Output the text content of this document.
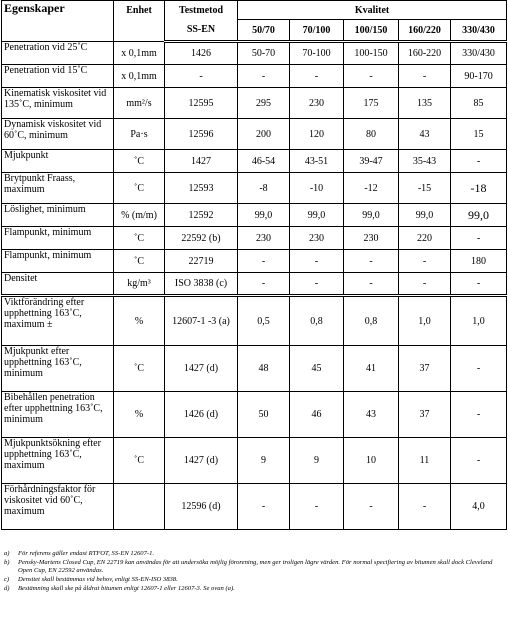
Egenskaper	Enhet	Testmetod	Kvalitet				
		SS-EN	50/70	70/100	100/150	160/220	330/430
Penetration vid 25˚C	x 0,1mm	1426	50-70	70-100	100-150	160-220	330/430
Penetration vid 15˚C	x 0,1mm	-	-	-	-	-	90-170
Kinematisk viskositet vid 135˚C, minimum	mm²/s	12595	295	230	175	135	85
Dynamisk viskositet vid 60˚C, minimum	Pa·s	12596	200	120	80	43	15
Mjukpunkt	˚C	1427	46-54	43-51	39-47	35-43	-
Brytpunkt Fraass, maximum	˚C	12593	-8	-10	-12	-15	-18
Löslighet, minimum	% (m/m)	12592	99,0	99,0	99,0	99,0	99,0
Flampunkt, minimum	˚C	22592 (b)	230	230	230	220	-
Flampunkt, minimum	˚C	22719	-	-	-	-	180
Densitet	kg/m³	ISO 3838 (c)	-	-	-	-	-
Viktförändring efter upphettning 163˚C, maximum ±	%	12607-1 -3 (a)	0,5	0,8	0,8	1,0	1,0
Mjukpunkt efter upphettning 163˚C, minimum	˚C	1427 (d)	48	45	41	37	-
Bibehållen penetration efter upphettning 163˚C, minimum	%	1426 (d)	50	46	43	37	-
Mjukpunktsökning efter upphettning 163˚C, maximum	˚C	1427 (d)	9	9	10	11	-
Förhårdningsfaktor för viskositet vid 60˚C, maximum		12596 (d)	-	-	-	-	4,0
a)	För referens gäller endast RTFOT, SS-EN 12607-1.
b)	Pensky-Martens Closed Cup, EN 22719 kan användas för att undersöka möjlig förorening, men ger troligen lägre värden. För normal specifiering av bitumen skall dock Cleveland Open Cup, EN 22592 användas.
c)	Densitet skall bestämmas vid behov, enligt SS-EN-ISO 3838.
d)	Bestämning skall ske på åldrat bitumen enligt 12607-1 eller 12607-3. Se ovan (a).
